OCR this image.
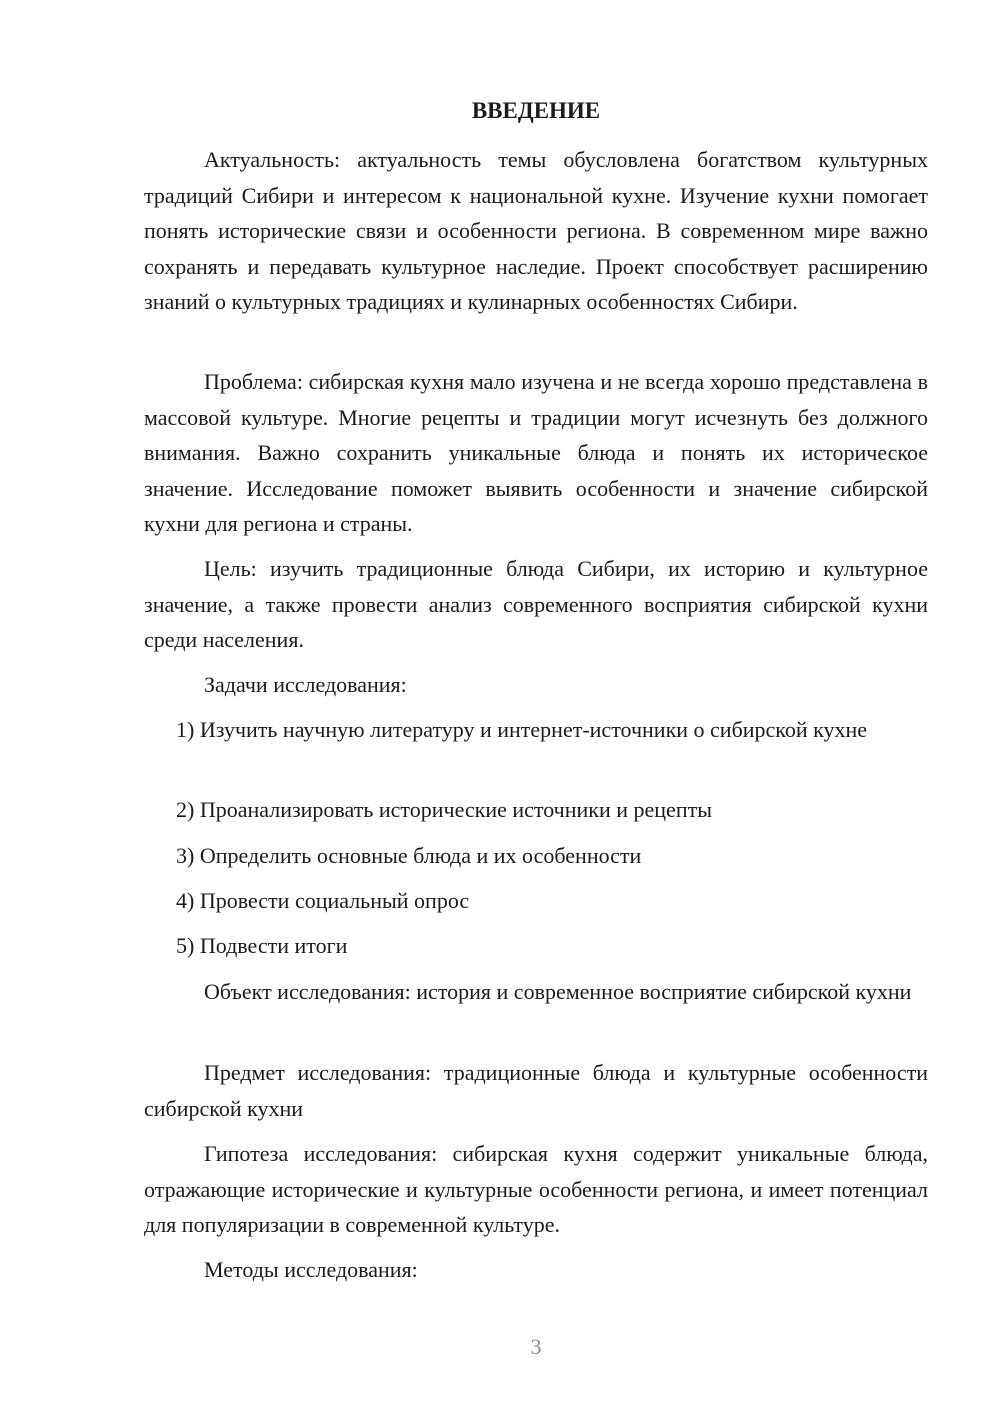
ВВЕДЕНИЕ

Актуальность: актуальность темы обусловлена богатством культурных традиций Сибири и интересом к национальной кухне. Изучение кухни помогает понять исторические связи и особенности региона. В современном мире важно сохранять и передавать культурное наследие. Проект способствует расширению знаний о культурных традициях и кулинарных особенностях Сибири.

Проблема: сибирская кухня мало изучена и не всегда хорошо представлена в массовой культуре. Многие рецепты и традиции могут исчезнуть без должного внимания. Важно сохранить уникальные блюда и понять их историческое значение. Исследование поможет выявить особенности и значение сибирской кухни для региона и страны.

Цель: изучить традиционные блюда Сибири, их историю и культурное значение, а также провести анализ современного восприятия сибирской кухни среди населения.

Задачи исследования:

1) Изучить научную литературу и интернет-источники о сибирской кухне

2) Проанализировать исторические источники и рецепты

3) Определить основные блюда и их особенности

4) Провести социальный опрос

5) Подвести итоги

Объект исследования: история и современное восприятие сибирской кухни

Предмет исследования: традиционные блюда и культурные особенности сибирской кухни

Гипотеза исследования: сибирская кухня содержит уникальные блюда, отражающие исторические и культурные особенности региона, и имеет потенциал для популяризации в современной культуре.

Методы исследования:

3
